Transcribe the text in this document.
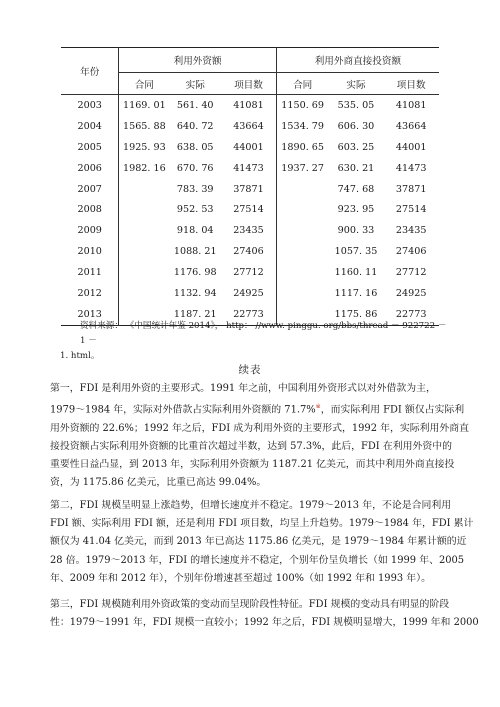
年份	利用外资额			利用外商直接投资额		
	合同	实际	项目数	合同	实际	项目数
2003	1169. 01	561. 40	41081	1150. 69	535. 05	41081
2004	1565. 88	640. 72	43664	1534. 79	606. 30	43664
2005	1925. 93	638. 05	44001	1890. 65	603. 25	44001
2006	1982. 16	670. 76	41473	1937. 27	630. 21	41473
2007		783. 39	37871		747. 68	37871
2008		952. 53	27514		923. 95	27514
2009		918. 04	23435		900. 33	23435
2010		1088. 21	27406		1057. 35	27406
2011		1176. 98	27712		1160. 11	27712
2012		1132. 94	24925		1117. 16	24925
2013		1187. 21	22773		1175. 86	22773
资料来源： 《中国统计年鉴 2014》， http： //www. pinggu. org/bbs/thread － 922722 － 1 －

1. html。
续表
第一，FDI 是利用外资的主要形式。1991 年之前，中国利用外资形式以对外借款为主，
1979～1984 年，实际对外借款占实际利用外资额的 71.7%※，而实际利用 FDI 额仅占实际利
用外资额的 22.6%；1992 年之后，FDI 成为利用外资的主要形式，1992 年，实际利用外商直
接投资额占实际利用外资额的比重首次超过半数，达到 57.3%，此后，FDI 在利用外资中的
重要性日益凸显，到 2013 年，实际利用外资额为 1187.21 亿美元，而其中利用外商直接投
资，为 1175.86 亿美元，比重已高达 99.04%。
第二，FDI 规模呈明显上涨趋势，但增长速度并不稳定。1979～2013 年，不论是合同利用
FDI 额、实际利用 FDI 额，还是利用 FDI 项目数，均呈上升趋势。1979～1984 年，FDI 累计
额仅为 41.04 亿美元，而到 2013 年已高达 1175.86 亿美元，是 1979～1984 年累计额的近
28 倍。1979～2013 年，FDI 的增长速度并不稳定，个别年份呈负增长（如 1999 年、2005
年、2009 年和 2012 年），个别年份增速甚至超过 100%（如 1992 年和 1993 年）。
第三，FDI 规模随利用外资政策的变动而呈现阶段性特征。FDI 规模的变动具有明显的阶段
性：1979～1991 年，FDI 规模一直较小；1992 年之后，FDI 规模明显增大，1999 年和 2000
